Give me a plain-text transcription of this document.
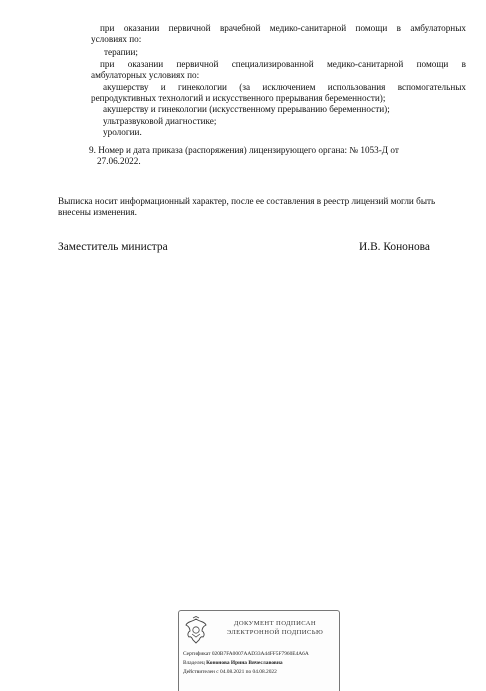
при оказании первичной врачебной медико-санитарной помощи в амбулаторных
условиях по:
терапии;
при оказании первичной специализированной медико-санитарной помощи в
амбулаторных условиях по:
акушерству и гинекологии (за исключением использования вспомогательных
репродуктивных технологий и искусственного прерывания беременности);
акушерству и гинекологии (искусственному прерыванию беременности);
ультразвуковой диагностике;
урологии.
9. Номер и дата приказа (распоряжения) лицензирующего органа: № 1053-Д от
27.06.2022.
Выписка носит информационный характер, после ее составления в реестр лицензий могли быть
внесены изменения.
Заместитель министра	И.В. Кононова
ДОКУМЕНТ ПОДПИСАН
ЭЛЕКТРОННОЙ ПОДПИСЬЮ
Сертификат 020B7FA0007AAD33A44FF5F7960E4A6A
Владелец Кононова Ирина Вячеславовна
Действителен с 04.08.2021 по 04.08.2022
